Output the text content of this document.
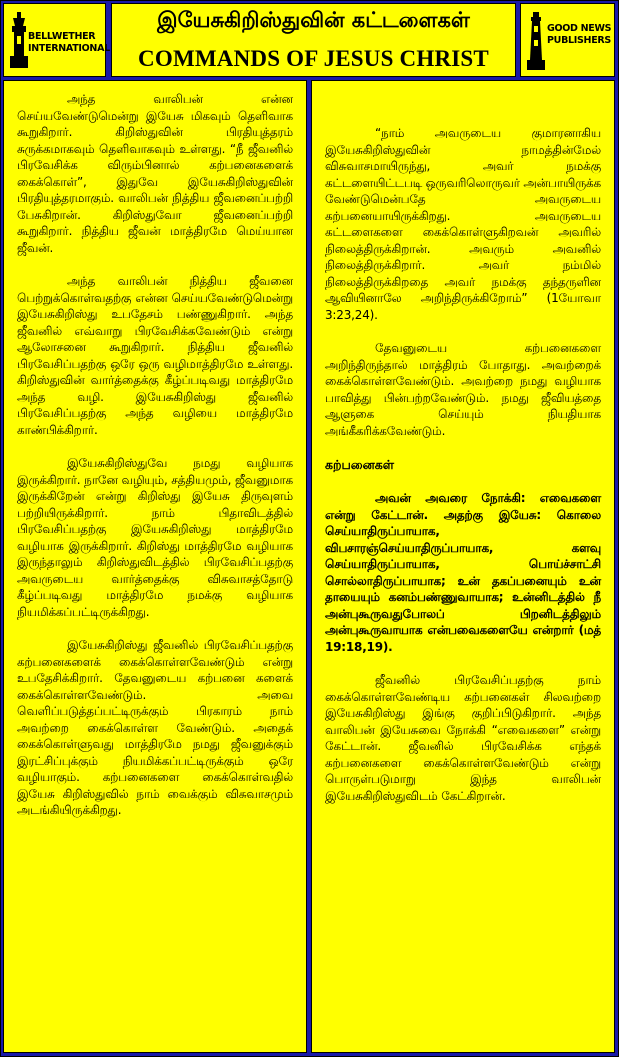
BELLWETHER
INTERNATIONAL
இயேசுகிறிஸ்துவின் கட்டளைகள்
COMMANDS OF JESUS CHRIST
GOOD NEWS
PUBLISHERS

அந்த வாலிபன் என்ன செய்யவேண்டுமென்று இயேசு மிகவும் தெளிவாக கூறுகிறார். கிறிஸ்துவின் பிரதியுத்தரம் சுருக்கமாகவும் தெளிவாகவும் உள்ளது. “நீ ஜீவனில் பிரவேசிக்க விரும்பினால் கற்பனைகளைக் கைக்கொள்”, இதுவே இயேசுகிறிஸ்துவின் பிரதியுத்தரமாகும். வாலிபன் நித்திய ஜீவனைப்பற்றி பேசுகிறான். கிறிஸ்துவோ ஜீவனைப்பற்றி கூறுகிறார். நித்திய ஜீவன் மாத்திரமே மெய்யான ஜீவன்.

அந்த வாலிபன் நித்திய ஜீவனை பெற்றுக்கொள்வதற்கு என்ன செய்யவேண்டுமென்று இயேசுகிறிஸ்து உபதேசம் பண்ணுகிறார். அந்த ஜீவனில் எவ்வாறு பிரவேசிக்கவேண்டும் என்று ஆலோசனை கூறுகிறார். நித்திய ஜீவனில் பிரவேசிப்பதற்கு ஒரே ஒரு வழிமாத்திரமே உள்ளது. கிறிஸ்துவின் வார்த்தைக்கு கீழ்ப்படிவது மாத்திரமே அந்த வழி. இயேசுகிறிஸ்து ஜீவனில் பிரவேசிப்பதற்கு அந்த வழியை மாத்திரமே காண்பிக்கிறார்.

இயேசுகிறிஸ்துவே நமது வழியாக இருக்கிறார். நானே வழியும், சத்தியமும், ஜீவனுமாக இருக்கிறேன் என்று கிறிஸ்து இயேசு திருவுளம் பற்றியிருக்கிறார். நாம் பிதாவிடத்தில் பிரவேசிப்பதற்கு இயேசுகிறிஸ்து மாத்திரமே வழியாக இருக்கிறார். கிறிஸ்து மாத்திரமே வழியாக இருந்தாலும் கிறிஸ்துவிடத்தில் பிரவேசிப்பதற்கு அவருடைய வார்த்தைக்கு விசுவாசத்தோடு கீழ்ப்படிவது மாத்திரமே நமக்கு வழியாக நியமிக்கப்பட்டிருக்கிறது.

இயேசுகிறிஸ்து ஜீவனில் பிரவேசிப்பதற்கு கற்பனைகளைக் கைக்கொள்ளவேண்டும் என்று உபதேசிக்கிறார். தேவனுடைய கற்பனை களைக் கைக்கொள்ளவேண்டும். அவை வெளிப்படுத்தப்பட்டிருக்கும் பிரகாரம் நாம் அவற்றை கைக்கொள்ள வேண்டும். அதைக் கைக்கொள்ளுவது மாத்திரமே நமது ஜீவனுக்கும் இரட்சிப்புக்கும் நியமிக்கப்பட்டிருக்கும் ஒரே வழியாகும். கற்பனைகளை கைக்கொள்வதில் இயேசு கிறிஸ்துவில் நாம் வைக்கும் விசுவாசமும் அடங்கியிருக்கிறது.

“நாம் அவருடைய குமாரனாகிய இயேசுகிறிஸ்துவின் நாமத்தின்மேல் விசுவாசமாயிருந்து, அவர் நமக்கு கட்டளையிட்டபடி ஒருவரிலொருவர் அன்பாயிருக்க வேண்டுமென்பதே அவருடைய கற்பனையாயிருக்கிறது. அவருடைய கட்டளைகளை கைக்கொள்ளுகிறவன் அவரில் நிலைத்திருக்கிறான். அவரும் அவனில் நிலைத்திருக்கிறார். அவர் நம்மில் நிலைத்திருக்கிறதை அவர் நமக்கு தந்தருளின ஆவியினாலே அறிந்திருக்கிறோம்” (1யோவா 3:23,24).

தேவனுடைய கற்பனைகளை அறிந்திருந்தால் மாத்திரம் போதாது. அவற்றைக் கைக்கொள்ளவேண்டும். அவற்றை நமது வழியாக பாவித்து பின்பற்றவேண்டும். நமது ஜீவியத்தை ஆளுகை செய்யும் நியதியாக அங்கீகரிக்கவேண்டும்.

கற்பனைகள்

அவன் அவரை நோக்கி: எவைகளை என்று கேட்டான். அதற்கு இயேசு: கொலை செய்யாதிருப்பாயாக, விபசாரஞ்செய்யாதிருப்பாயாக, களவு செய்யாதிருப்பாயாக, பொய்ச்சாட்சி சொல்லாதிருப்பாயாக; உன் தகப்பனையும் உன் தாயையும் கனம்பண்ணுவாயாக; உன்னிடத்தில் நீ அன்புகூருவதுபோலப் பிறனிடத்திலும் அன்புகூருவாயாக என்பவைகளையே என்றார் (மத் 19:18,19).

ஜீவனில் பிரவேசிப்பதற்கு நாம் கைக்கொள்ளவேண்டிய கற்பனைகள் சிலவற்றை இயேசுகிறிஸ்து இங்கு குறிப்பிடுகிறார். அந்த வாலிபன் இயேசுவை நோக்கி “எவைகளை” என்று கேட்டான். ஜீவனில் பிரவேசிக்க எந்தக் கற்பனைகளை கைக்கொள்ளவேண்டும் என்று பொருள்படுமாறு இந்த வாலிபன் இயேசுகிறிஸ்துவிடம் கேட்கிறான்.
